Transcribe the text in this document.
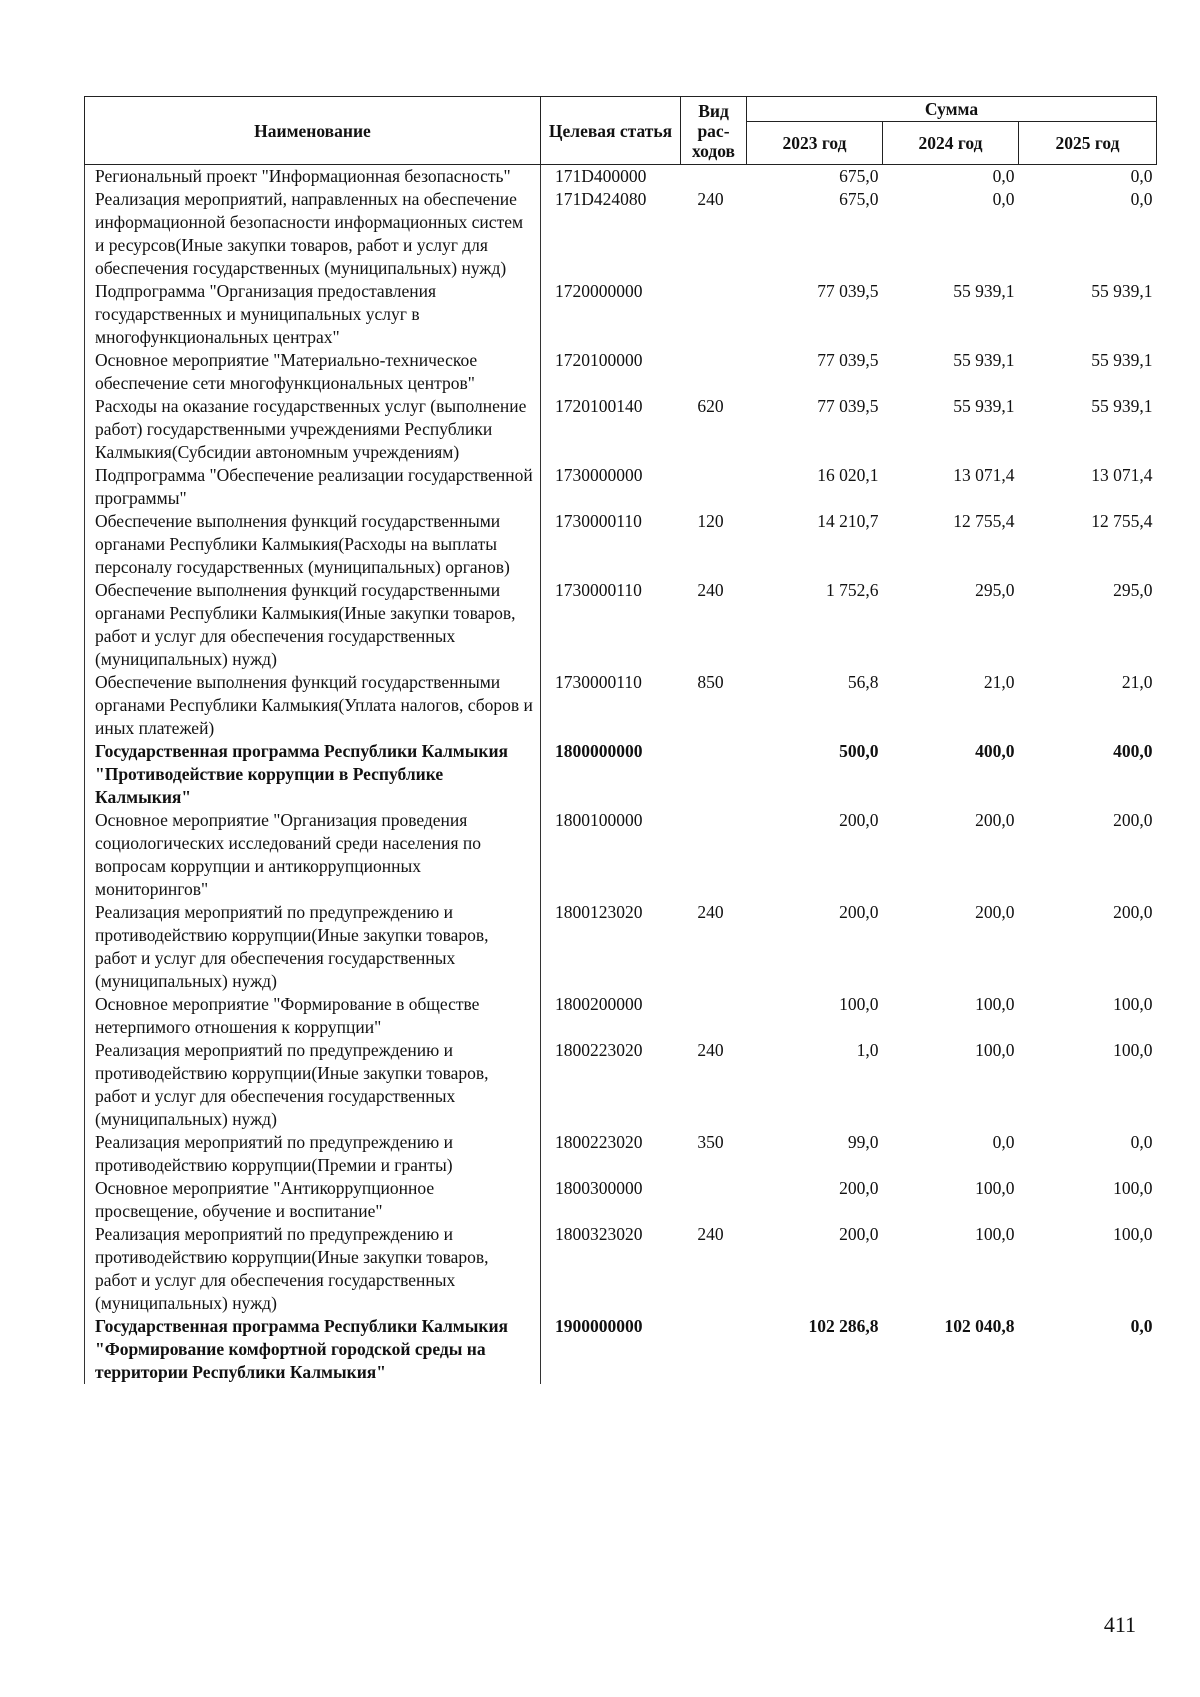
Наименование	Целевая статья	Вид рас-ходов	Сумма		
			2023 год	2024 год	2025 год
Региональный проект "Информационная безопасность"	171D400000		675,0	0,0	0,0
Реализация мероприятий, направленных на обеспечение информационной безопасности информационных систем и ресурсов(Иные закупки товаров, работ и услуг для обеспечения государственных (муниципальных) нужд)	171D424080	240	675,0	0,0	0,0
Подпрограмма "Организация предоставления государственных и муниципальных услуг в многофункциональных центрах"	1720000000		77 039,5	55 939,1	55 939,1
Основное мероприятие "Материально-техническое обеспечение сети многофункциональных центров"	1720100000		77 039,5	55 939,1	55 939,1
Расходы на оказание государственных услуг (выполнение работ) государственными учреждениями Республики Калмыкия(Субсидии автономным учреждениям)	1720100140	620	77 039,5	55 939,1	55 939,1
Подпрограмма "Обеспечение реализации государственной программы"	1730000000		16 020,1	13 071,4	13 071,4
Обеспечение выполнения функций государственными органами Республики Калмыкия(Расходы на выплаты персоналу государственных (муниципальных) органов)	1730000110	120	14 210,7	12 755,4	12 755,4
Обеспечение выполнения функций государственными органами Республики Калмыкия(Иные закупки товаров, работ и услуг для обеспечения государственных (муниципальных) нужд)	1730000110	240	1 752,6	295,0	295,0
Обеспечение выполнения функций государственными органами Республики Калмыкия(Уплата налогов, сборов и иных платежей)	1730000110	850	56,8	21,0	21,0
Государственная программа Республики Калмыкия "Противодействие коррупции в Республике Калмыкия"	1800000000		500,0	400,0	400,0
Основное мероприятие "Организация проведения социологических исследований среди населения по вопросам коррупции и антикоррупционных мониторингов"	1800100000		200,0	200,0	200,0
Реализация мероприятий по предупреждению и противодействию коррупции(Иные закупки товаров, работ и услуг для обеспечения государственных (муниципальных) нужд)	1800123020	240	200,0	200,0	200,0
Основное мероприятие "Формирование в обществе нетерпимого отношения к коррупции"	1800200000		100,0	100,0	100,0
Реализация мероприятий по предупреждению и противодействию коррупции(Иные закупки товаров, работ и услуг для обеспечения государственных (муниципальных) нужд)	1800223020	240	1,0	100,0	100,0
Реализация мероприятий по предупреждению и противодействию коррупции(Премии и гранты)	1800223020	350	99,0	0,0	0,0
Основное мероприятие "Антикоррупционное просвещение, обучение и воспитание"	1800300000		200,0	100,0	100,0
Реализация мероприятий по предупреждению и противодействию коррупции(Иные закупки товаров, работ и услуг для обеспечения государственных (муниципальных) нужд)	1800323020	240	200,0	100,0	100,0
Государственная программа Республики Калмыкия "Формирование комфортной городской среды на территории Республики Калмыкия"	1900000000		102 286,8	102 040,8	0,0
411
